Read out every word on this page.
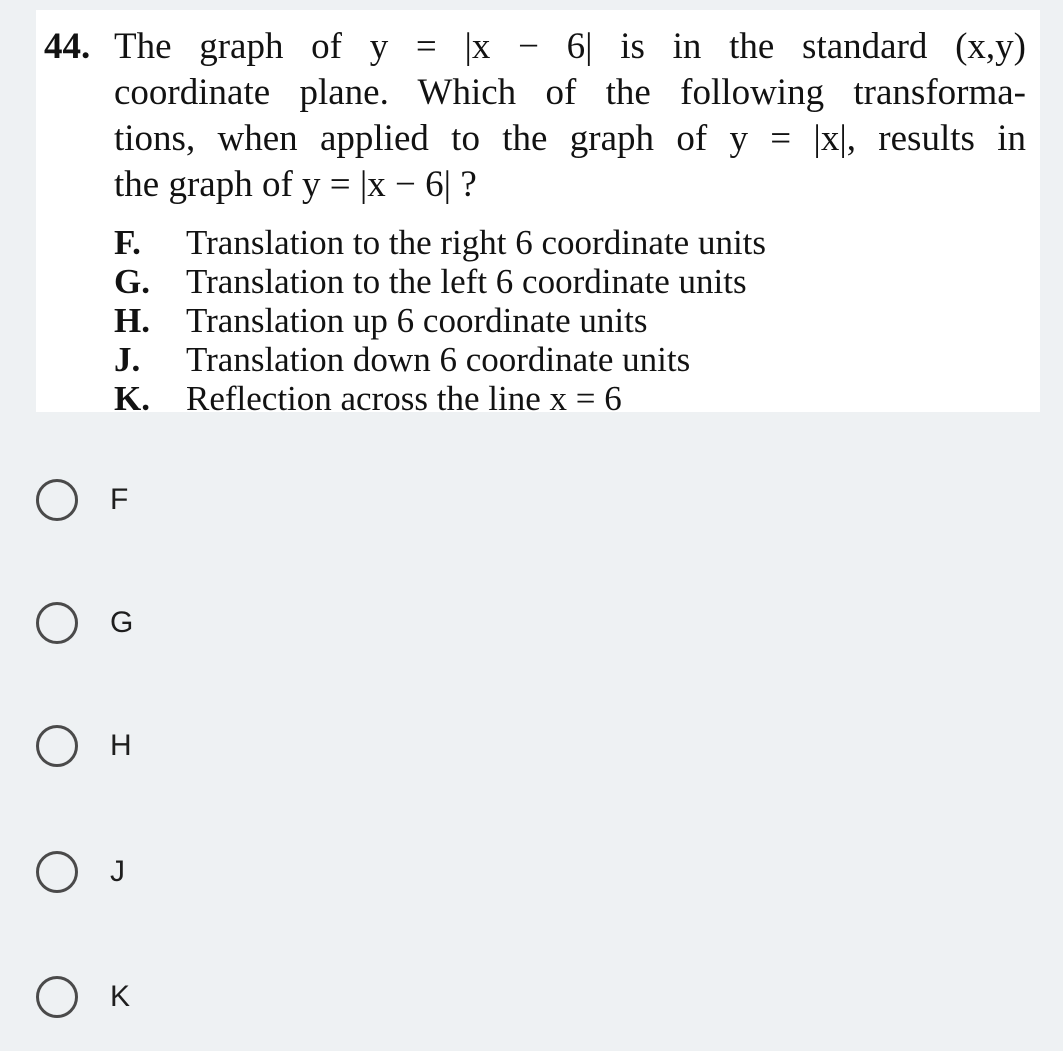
44. The graph of y = |x − 6| is in the standard (x,y)
coordinate plane. Which of the following transforma-
tions, when applied to the graph of y = |x|, results in
the graph of y = |x − 6| ?
F. Translation to the right 6 coordinate units
G. Translation to the left 6 coordinate units
H. Translation up 6 coordinate units
J. Translation down 6 coordinate units
K. Reflection across the line x = 6
F
G
H
J
K
